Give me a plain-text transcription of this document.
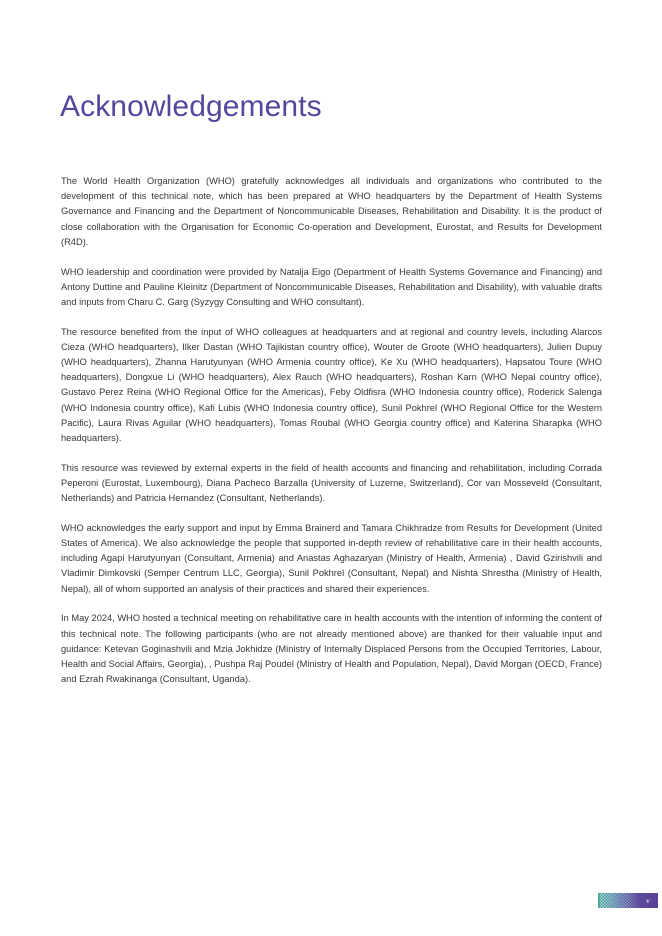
Acknowledgements

The World Health Organization (WHO) gratefully acknowledges all individuals and organizations who contributed to the development of this technical note, which has been prepared at WHO headquarters by the Department of Health Systems Governance and Financing and the Department of Noncommunicable Diseases, Rehabilitation and Disability. It is the product of close collaboration with the Organisation for Economic Co-operation and Development, Eurostat, and Results for Development (R4D).

WHO leadership and coordination were provided by Natalja Eigo (Department of Health Systems Governance and Financing) and Antony Duttine and Pauline Kleinitz (Department of Noncommunicable Diseases, Rehabilitation and Disability), with valuable drafts and inputs from Charu C. Garg (Syzygy Consulting and WHO consultant).

The resource benefited from the input of WHO colleagues at headquarters and at regional and country levels, including Alarcos Cieza (WHO headquarters), Ilker Dastan (WHO Tajikistan country office), Wouter de Groote (WHO headquarters), Julien Dupuy (WHO headquarters), Zhanna Harutyunyan (WHO Armenia country office), Ke Xu (WHO headquarters), Hapsatou Toure (WHO headquarters), Dongxue Li (WHO headquarters), Alex Rauch (WHO headquarters), Roshan Karn (WHO Nepal country office), Gustavo Perez Reina (WHO Regional Office for the Americas), Feby Oldfisra (WHO Indonesia country office), Roderick Salenga (WHO Indonesia country office), Kafi Lubis (WHO Indonesia country office), Sunil Pokhrel (WHO Regional Office for the Western Pacific), Laura Rivas Aguilar (WHO headquarters), Tomas Roubal (WHO Georgia country office) and Katerina Sharapka (WHO headquarters).

This resource was reviewed by external experts in the field of health accounts and financing and rehabilitation, including Corrada Peperoni (Eurostat, Luxembourg), Diana Pacheco Barzalla (University of Luzerne, Switzerland), Cor van Mosseveld (Consultant, Netherlands) and Patricia Hernandez (Consultant, Netherlands).

WHO acknowledges the early support and input by Emma Brainerd and Tamara Chikhradze from Results for Development (United States of America). We also acknowledge the people that supported in-depth review of rehabilitative care in their health accounts, including Agapi Harutyunyan (Consultant, Armenia) and Anastas Aghazaryan (Ministry of Health, Armenia) , David Gzirishvili and Vladimir Dimkovski (Semper Centrum LLC, Georgia), Sunil Pokhrel (Consultant, Nepal) and Nishta Shrestha (Ministry of Health, Nepal), all of whom supported an analysis of their practices and shared their experiences.

In May 2024, WHO hosted a technical meeting on rehabilitative care in health accounts with the intention of informing the content of this technical note. The following participants (who are not already mentioned above) are thanked for their valuable input and guidance: Ketevan Goginashvili and Mzia Jokhidze (Ministry of Internally Displaced Persons from the Occupied Territories, Labour, Health and Social Affairs, Georgia), , Pushpa Raj Poudel (Ministry of Health and Population, Nepal), David Morgan (OECD, France) and Ezrah Rwakinanga (Consultant, Uganda).

v
